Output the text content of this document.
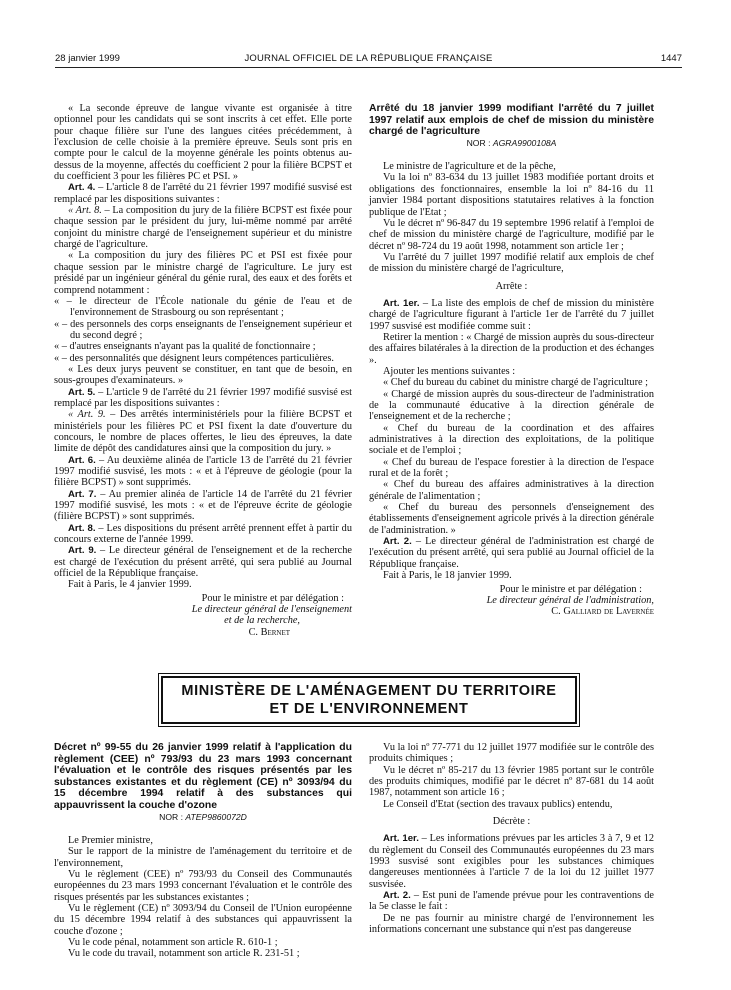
28 janvier 1999	JOURNAL OFFICIEL DE LA RÉPUBLIQUE FRANÇAISE	1447

« La seconde épreuve de langue vivante est organisée à titre optionnel pour les candidats qui se sont inscrits à cet effet. Elle porte pour chaque filière sur l'une des langues citées précédemment, à l'exclusion de celle choisie à la première épreuve. Seuls sont pris en compte pour le calcul de la moyenne générale les points obtenus au-dessus de la moyenne, affectés du coefficient 2 pour la filière BCPST et du coefficient 3 pour les filières PC et PSI. »

Art. 4. – L'article 8 de l'arrêté du 21 février 1997 modifié susvisé est remplacé par les dispositions suivantes :

« Art. 8. – La composition du jury de la filière BCPST est fixée pour chaque session par le président du jury, lui-même nommé par arrêté conjoint du ministre chargé de l'enseignement supérieur et du ministre chargé de l'agriculture.

« La composition du jury des filières PC et PSI est fixée pour chaque session par le ministre chargé de l'agriculture. Le jury est présidé par un ingénieur général du génie rural, des eaux et des forêts et comprend notamment :

« – le directeur de l'École nationale du génie de l'eau et de l'environnement de Strasbourg ou son représentant ;
« – des personnels des corps enseignants de l'enseignement supérieur et du second degré ;
« – d'autres enseignants n'ayant pas la qualité de fonctionnaire ;
« – des personnalités que désignent leurs compétences particulières.

« Les deux jurys peuvent se constituer, en tant que de besoin, en sous-groupes d'examinateurs. »

Art. 5. – L'article 9 de l'arrêté du 21 février 1997 modifié susvisé est remplacé par les dispositions suivantes :

« Art. 9. – Des arrêtés interministériels pour la filière BCPST et ministériels pour les filières PC et PSI fixent la date d'ouverture du concours, le nombre de places offertes, le lieu des épreuves, la date limite de dépôt des candidatures ainsi que la composition du jury. »

Art. 6. – Au deuxième alinéa de l'article 13 de l'arrêté du 21 février 1997 modifié susvisé, les mots : « et à l'épreuve de géologie (pour la filière BCPST) » sont supprimés.

Art. 7. – Au premier alinéa de l'article 14 de l'arrêté du 21 février 1997 modifié susvisé, les mots : « et de l'épreuve écrite de géologie (filière BCPST) » sont supprimés.

Art. 8. – Les dispositions du présent arrêté prennent effet à partir du concours externe de l'année 1999.

Art. 9. – Le directeur général de l'enseignement et de la recherche est chargé de l'exécution du présent arrêté, qui sera publié au Journal officiel de la République française.

Fait à Paris, le 4 janvier 1999.

Pour le ministre et par délégation :

Le directeur général de l'enseignement

et de la recherche,

C. Bernet

Arrêté du 18 janvier 1999 modifiant l'arrêté du 7 juillet 1997 relatif aux emplois de chef de mission du ministère chargé de l'agriculture

NOR : AGRA9900108A

Le ministre de l'agriculture et de la pêche,

Vu la loi nº 83-634 du 13 juillet 1983 modifiée portant droits et obligations des fonctionnaires, ensemble la loi nº 84-16 du 11 janvier 1984 portant dispositions statutaires relatives à la fonction publique de l'Etat ;

Vu le décret nº 96-847 du 19 septembre 1996 relatif à l'emploi de chef de mission du ministère chargé de l'agriculture, modifié par le décret nº 98-724 du 19 août 1998, notamment son article 1er ;

Vu l'arrêté du 7 juillet 1997 modifié relatif aux emplois de chef de mission du ministère chargé de l'agriculture,

Arrête :

Art. 1er. – La liste des emplois de chef de mission du ministère chargé de l'agriculture figurant à l'article 1er de l'arrêté du 7 juillet 1997 susvisé est modifiée comme suit :

Retirer la mention : « Chargé de mission auprès du sous-directeur des affaires bilatérales à la direction de la production et des échanges ».

Ajouter les mentions suivantes :

« Chef du bureau du cabinet du ministre chargé de l'agriculture ;

« Chargé de mission auprès du sous-directeur de l'administration de la communauté éducative à la direction générale de l'enseignement et de la recherche ;

« Chef du bureau de la coordination et des affaires administratives à la direction des exploitations, de la politique sociale et de l'emploi ;

« Chef du bureau de l'espace forestier à la direction de l'espace rural et de la forêt ;

« Chef du bureau des affaires administratives à la direction générale de l'alimentation ;

« Chef du bureau des personnels d'enseignement des établissements d'enseignement agricole privés à la direction générale de l'administration. »

Art. 2. – Le directeur général de l'administration est chargé de l'exécution du présent arrêté, qui sera publié au Journal officiel de la République française.

Fait à Paris, le 18 janvier 1999.

Pour le ministre et par délégation :

Le directeur général de l'administration,

C. Galliard de Lavernée

MINISTÈRE DE L'AMÉNAGEMENT DU TERRITOIRE
ET DE L'ENVIRONNEMENT

Décret nº 99-55 du 26 janvier 1999 relatif à l'application du règlement (CEE) nº 793/93 du 23 mars 1993 concernant l'évaluation et le contrôle des risques présentés par les substances existantes et du règlement (CE) nº 3093/94 du 15 décembre 1994 relatif à des substances qui appauvrissent la couche d'ozone

NOR : ATEP9860072D

Le Premier ministre,

Sur le rapport de la ministre de l'aménagement du territoire et de l'environnement,

Vu le règlement (CEE) nº 793/93 du Conseil des Communautés européennes du 23 mars 1993 concernant l'évaluation et le contrôle des risques présentés par les substances existantes ;

Vu le règlement (CE) nº 3093/94 du Conseil de l'Union européenne du 15 décembre 1994 relatif à des substances qui appauvrissent la couche d'ozone ;

Vu le code pénal, notamment son article R. 610-1 ;

Vu le code du travail, notamment son article R. 231-51 ;

Vu la loi nº 77-771 du 12 juillet 1977 modifiée sur le contrôle des produits chimiques ;

Vu le décret nº 85-217 du 13 février 1985 portant sur le contrôle des produits chimiques, modifié par le décret nº 87-681 du 14 août 1987, notamment son article 16 ;

Le Conseil d'Etat (section des travaux publics) entendu,

Décrète :

Art. 1er. – Les informations prévues par les articles 3 à 7, 9 et 12 du règlement du Conseil des Communautés européennes du 23 mars 1993 susvisé sont exigibles pour les substances chimiques dangereuses mentionnées à l'article 7 de la loi du 12 juillet 1977 susvisée.

Art. 2. – Est puni de l'amende prévue pour les contraventions de la 5e classe le fait :

De ne pas fournir au ministre chargé de l'environnement les informations concernant une substance qui n'est pas dangereuse
